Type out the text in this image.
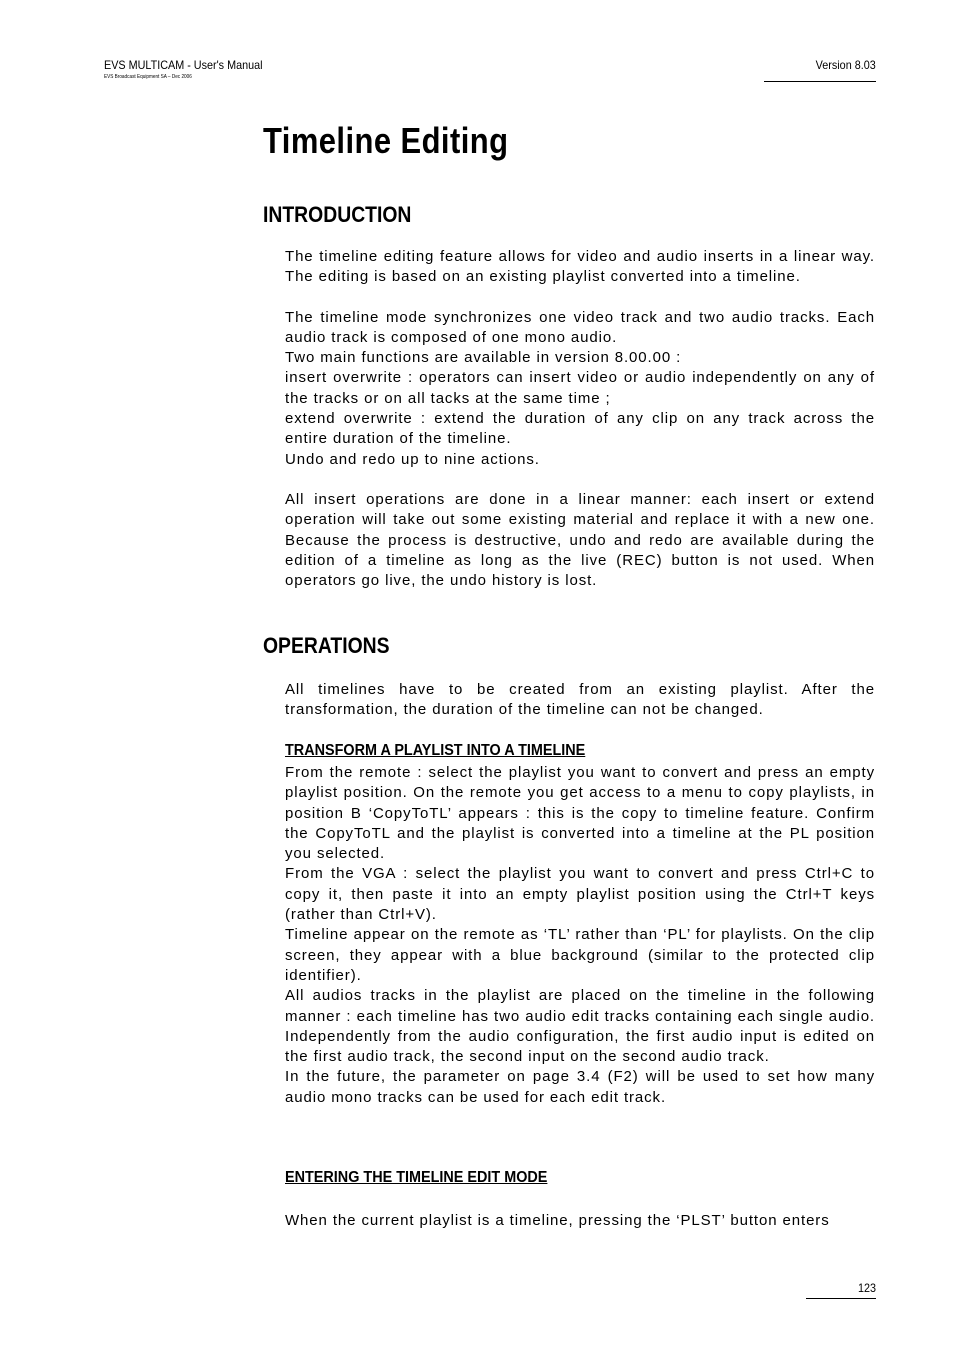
EVS MULTICAM - User's Manual
EVS Broadcast Equipment SA – Dec 2006
Version 8.03
Timeline Editing
INTRODUCTION

The timeline editing feature allows for video and audio inserts in a linear way. The editing is based on an existing playlist converted into a timeline.

The timeline mode synchronizes one video track and two audio tracks. Each audio track is composed of one mono audio.

Two main functions are available in version 8.00.00 :

insert overwrite : operators can insert video or audio independently on any of the tracks or on all tacks at the same time ;

extend overwrite : extend the duration of any clip on any track across the entire duration of the timeline.

Undo and redo up to nine actions.

All insert operations are done in a linear manner: each insert or extend operation will take out some existing material and replace it with a new one. Because the process is destructive, undo and redo are available during the edition of a timeline as long as the live (REC) button is not used. When operators go live, the undo history is lost.

OPERATIONS

All timelines have to be created from an existing playlist. After the transformation, the duration of the timeline can not be changed.

TRANSFORM A PLAYLIST INTO A TIMELINE

From the remote : select the playlist you want to convert and press an empty playlist position. On the remote you get access to a menu to copy playlists, in position B ‘CopyToTL’ appears : this is the copy to timeline feature. Confirm the CopyToTL and the playlist is converted into a timeline at the PL position you selected.

From the VGA : select the playlist you want to convert and press Ctrl+C to copy it, then paste it into an empty playlist position using the Ctrl+T keys (rather than Ctrl+V).

Timeline appear on the remote as ‘TL’ rather than ‘PL’ for playlists. On the clip screen, they appear with a blue background (similar to the protected clip identifier).

All audios tracks in the playlist are placed on the timeline in the following manner : each timeline has two audio edit tracks containing each single audio. Independently from the audio configuration, the first audio input is edited on the first audio track, the second input on the second audio track.

In the future, the parameter on page 3.4 (F2) will be used to set how many audio mono tracks can be used for each edit track.

ENTERING THE TIMELINE EDIT MODE

When the current playlist is a timeline, pressing the ‘PLST’ button enters

123
